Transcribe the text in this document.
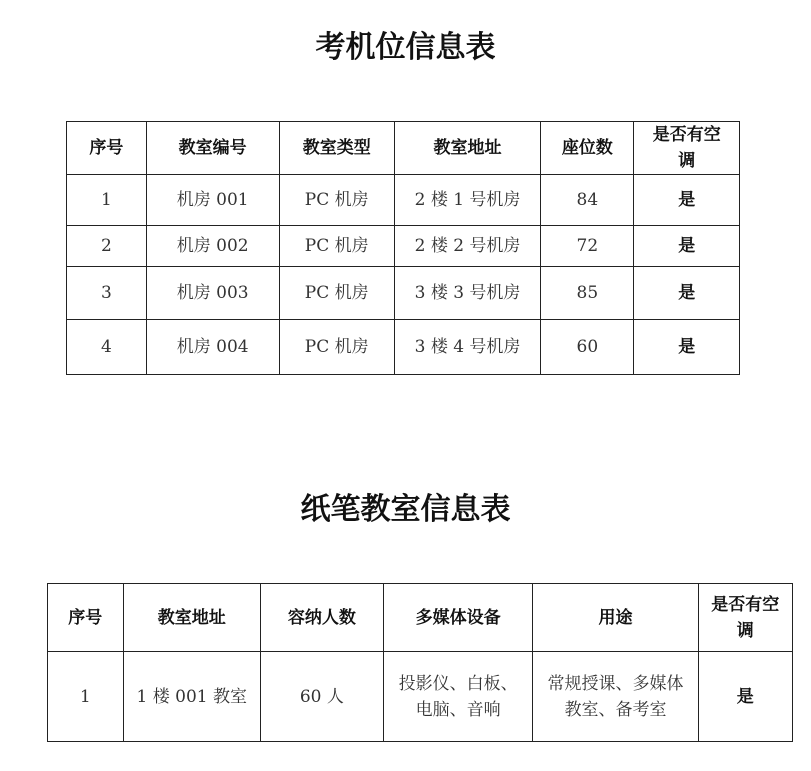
考机位信息表
序号	教室编号	教室类型	教室地址	座位数	是否有空调
1	机房 001	PC 机房	2 楼 1 号机房	84	是
2	机房 002	PC 机房	2 楼 2 号机房	72	是
3	机房 003	PC 机房	3 楼 3 号机房	85	是
4	机房 004	PC 机房	3 楼 4 号机房	60	是
纸笔教室信息表
序号	教室地址	容纳人数	多媒体设备	用途	是否有空调
1	1 楼 001 教室	60 人	投影仪、白板、电脑、音响	常规授课、多媒体教室、备考室	是
